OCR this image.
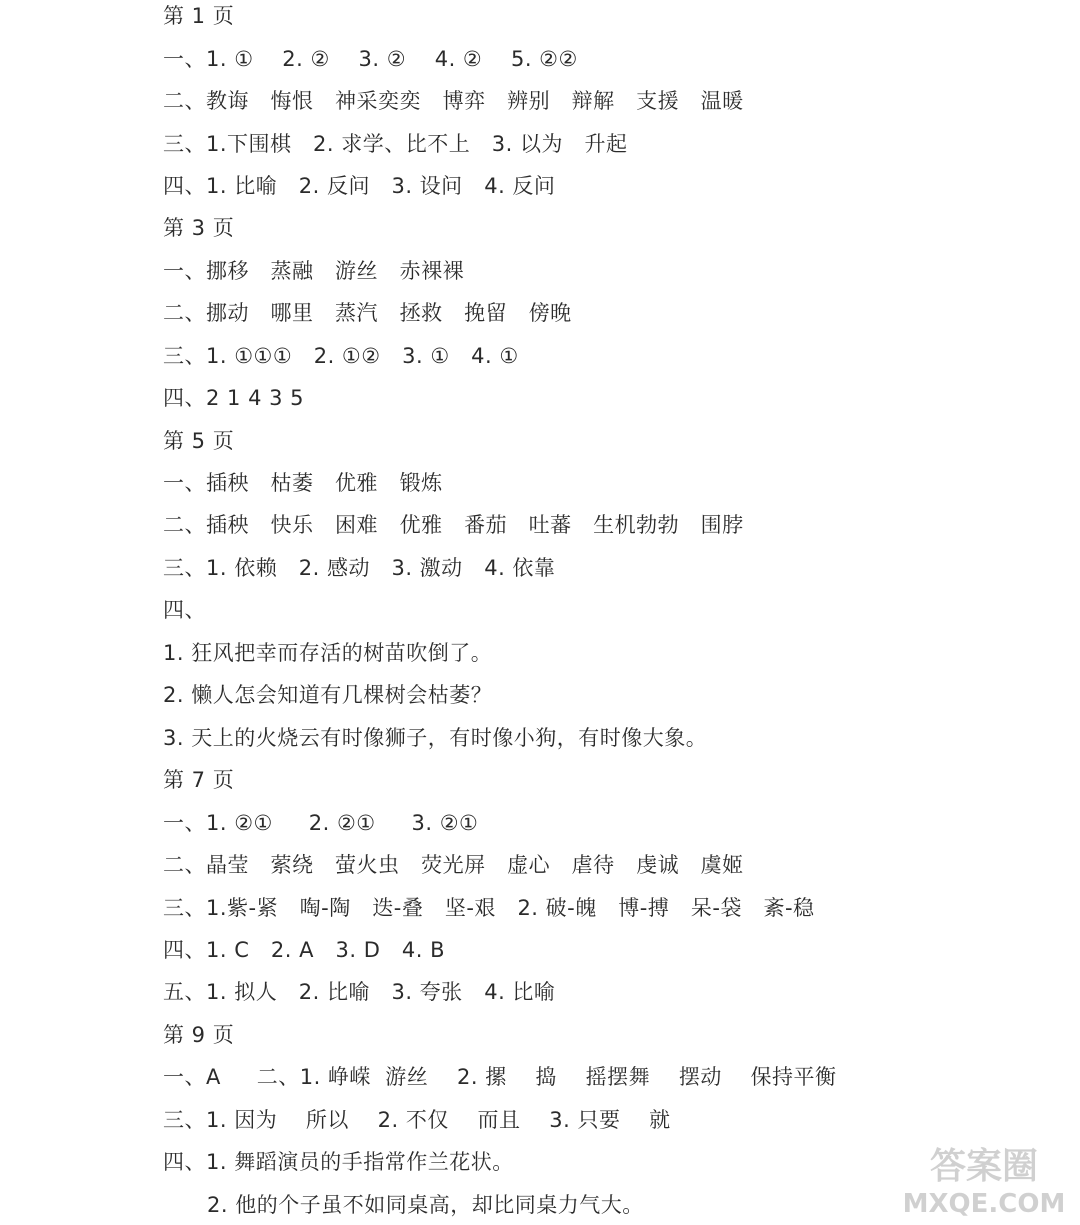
第 1 页
一、1. ①    2. ②    3. ②    4. ②    5. ②②
二、教诲   悔恨   神采奕奕   博弈   辨别   辩解   支援   温暖
三、1.下围棋   2. 求学、比不上   3. 以为   升起
四、1. 比喻   2. 反问   3. 设问   4. 反问
第 3 页
一、挪移   蒸融   游丝   赤裸裸
二、挪动   哪里   蒸汽   拯救   挽留   傍晚
三、1. ①①①   2. ①②   3. ①   4. ①
四、2 1 4 3 5
第 5 页
一、插秧   枯萎   优雅   锻炼
二、插秧   快乐   困难   优雅   番茄   吐蕃   生机勃勃   围脖
三、1. 依赖   2. 感动   3. 激动   4. 依靠
四、
1. 狂风把幸而存活的树苗吹倒了。
2. 懒人怎会知道有几棵树会枯萎？
3. 天上的火烧云有时像狮子，有时像小狗，有时像大象。
第 7 页
一、1. ②①     2. ②①     3. ②①
二、晶莹   萦绕   萤火虫   荧光屏   虚心   虐待   虔诚   虞姬
三、1.紫-紧   啕-陶   迭-叠   坚-艰   2. 破-魄   博-搏   呆-袋   紊-稳
四、1. C   2. A   3. D   4. B
五、1. 拟人   2. 比喻   3. 夸张   4. 比喻
第 9 页
一、A     二、1. 峥嵘  游丝    2. 摞    捣    摇摆舞    摆动    保持平衡
三、1. 因为    所以    2. 不仅    而且    3. 只要    就
四、1. 舞蹈演员的手指常作兰花状。
2. 他的个子虽不如同桌高，却比同桌力气大。
答案圈
MXQE.COM
